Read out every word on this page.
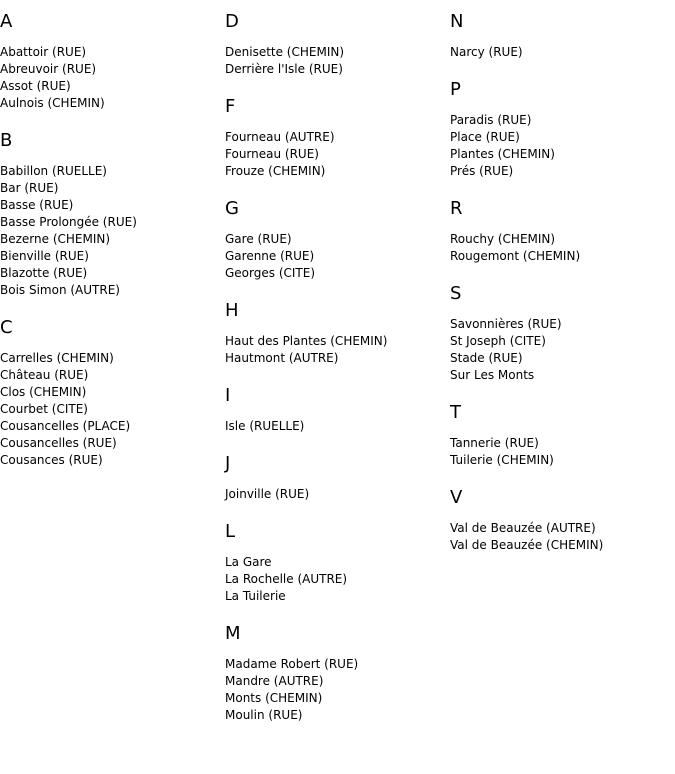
A
Abattoir (RUE)
Abreuvoir (RUE)
Assot (RUE)
Aulnois (CHEMIN)
B
Babillon (RUELLE)
Bar (RUE)
Basse (RUE)
Basse Prolongée (RUE)
Bezerne (CHEMIN)
Bienville (RUE)
Blazotte (RUE)
Bois Simon (AUTRE)
C
Carrelles (CHEMIN)
Château (RUE)
Clos (CHEMIN)
Courbet (CITE)
Cousancelles (PLACE)
Cousancelles (RUE)
Cousances (RUE)
D
Denisette (CHEMIN)
Derrière l'Isle (RUE)
F
Fourneau (AUTRE)
Fourneau (RUE)
Frouze (CHEMIN)
G
Gare (RUE)
Garenne (RUE)
Georges (CITE)
H
Haut des Plantes (CHEMIN)
Hautmont (AUTRE)
I
Isle (RUELLE)
J
Joinville (RUE)
L
La Gare
La Rochelle (AUTRE)
La Tuilerie
M
Madame Robert (RUE)
Mandre (AUTRE)
Monts (CHEMIN)
Moulin (RUE)
N
Narcy (RUE)
P
Paradis (RUE)
Place (RUE)
Plantes (CHEMIN)
Prés (RUE)
R
Rouchy (CHEMIN)
Rougemont (CHEMIN)
S
Savonnières (RUE)
St Joseph (CITE)
Stade (RUE)
Sur Les Monts
T
Tannerie (RUE)
Tuilerie (CHEMIN)
V
Val de Beauzée (AUTRE)
Val de Beauzée (CHEMIN)
